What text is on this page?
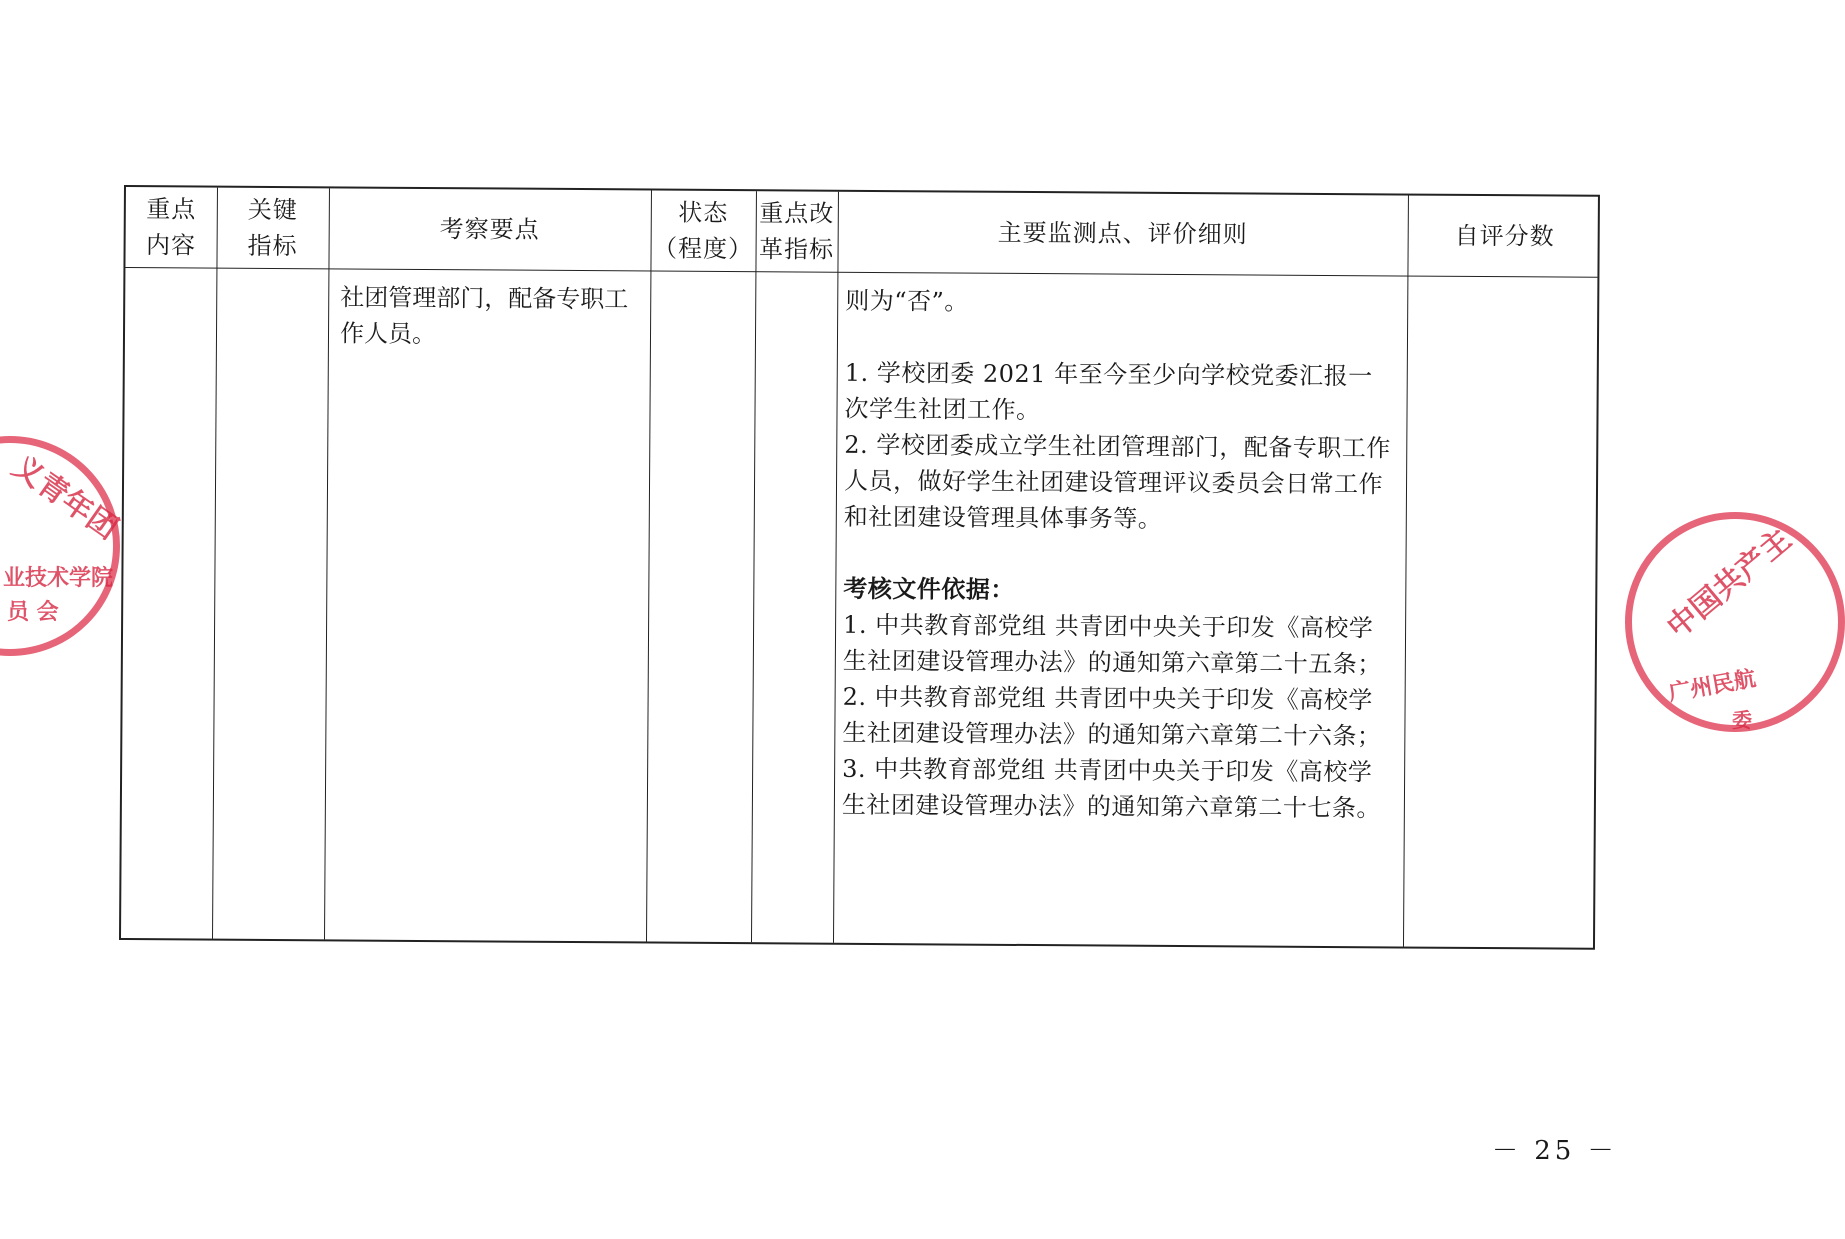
重点
内容
关键
指标
考察要点
状态
（程度）
重点改
革指标
主要监测点、评价细则	自评分数
社团管理部门，配备专职工作人员。

则为“否”。

1. 学校团委 2021 年至今至少向学校党委汇报一次学生社团工作。

2. 学校团委成立学生社团管理部门，配备专职工作人员，做好学生社团建设管理评议委员会日常工作和社团建设管理具体事务等。

考核文件依据：

1. 中共教育部党组 共青团中央关于印发《高校学生社团建设管理办法》的通知第六章第二十五条；

2. 中共教育部党组 共青团中央关于印发《高校学生社团建设管理办法》的通知第六章第二十六条；

3. 中共教育部党组 共青团中央关于印发《高校学生社团建设管理办法》的通知第六章第二十七条。

义青年团
业技术学院
员 会	中国共产主
广州民航
委
－ 25 －
